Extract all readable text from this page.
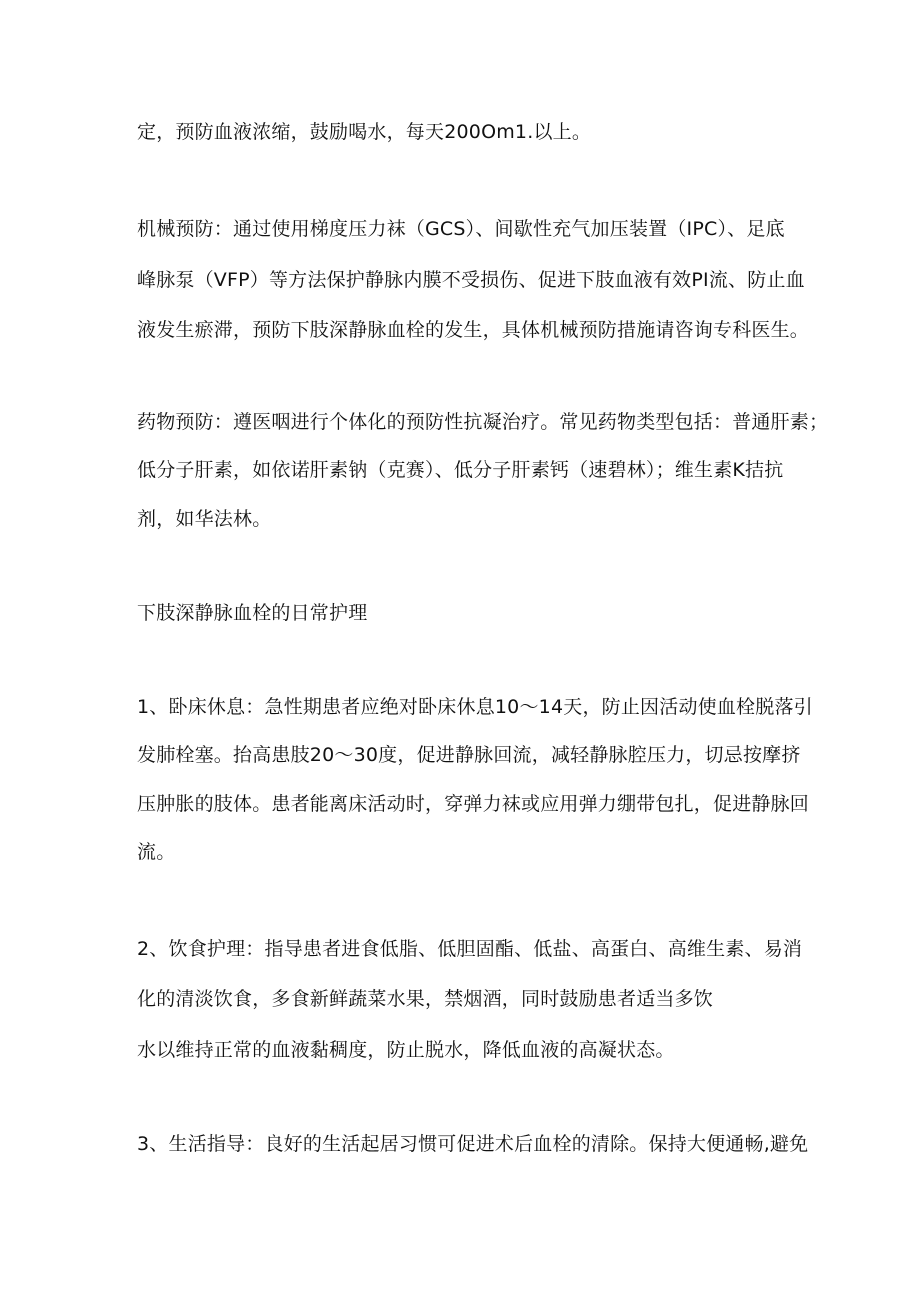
定，预防血液浓缩，鼓励喝水，每天200Om1.以上。

机械预防：通过使用梯度压力袜（GCS）、间歇性充气加压装置（IPC）、足底

峰脉泵（VFP）等方法保护静脉内膜不受损伤、促进下肢血液有效PI流、防止血

液发生瘀滞，预防下肢深静脉血栓的发生，具体机械预防措施请咨询专科医生。

药物预防：遵医咽进行个体化的预防性抗凝治疗。常见药物类型包括：普通肝素；

低分子肝素，如依诺肝素钠（克赛）、低分子肝素钙（速碧林）；维生素K拮抗

剂，如华法林。

下肢深静脉血栓的日常护理

1、卧床休息：急性期患者应绝对卧床休息10～14天，防止因活动使血栓脱落引

发肺栓塞。抬高患肢20～30度，促进静脉回流，减轻静脉腔压力，切忌按摩挤

压肿胀的肢体。患者能离床活动时，穿弹力袜或应用弹力绷带包扎，促进静脉回

流。

2、饮食护理：指导患者进食低脂、低胆固酯、低盐、高蛋白、高维生素、易消

化的清淡饮食，多食新鲜蔬菜水果，禁烟酒，同时鼓励患者适当多饮

水以维持正常的血液黏稠度，防止脱水，降低血液的高凝状态。

3、生活指导：良好的生活起居习惯可促进术后血栓的清除。保持大便通畅,避免
